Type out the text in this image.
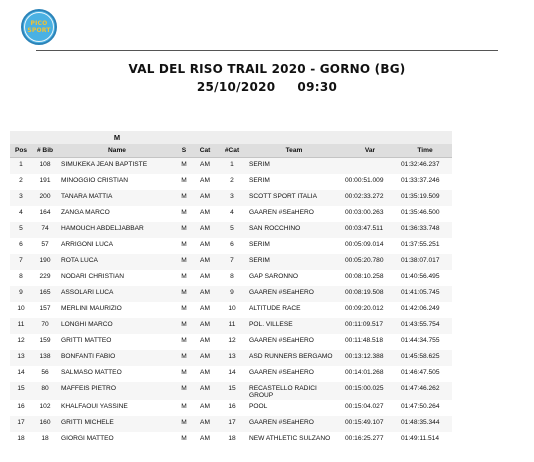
PICO
SPORT
VAL DEL RISO TRAIL 2020 - GORNO (BG)
25/10/2020 09:30
		M						
Pos	# Bib	Name	S	Cat	#Cat	Team	Var	Time
1	108	SIMUKEKA JEAN BAPTISTE	M	AM	1	SERIM		01:32:46.237
2	191	MINOGGIO CRISTIAN	M	AM	2	SERIM	00:00:51.009	01:33:37.246
3	200	TANARA MATTIA	M	AM	3	SCOTT SPORT ITALIA	00:02:33.272	01:35:19.509
4	164	ZANGA MARCO	M	AM	4	GAAREN #SEaHERO	00:03:00.263	01:35:46.500
5	74	HAMOUCH ABDELJABBAR	M	AM	5	SAN ROCCHINO	00:03:47.511	01:36:33.748
6	57	ARRIGONI LUCA	M	AM	6	SERIM	00:05:09.014	01:37:55.251
7	190	ROTA LUCA	M	AM	7	SERIM	00:05:20.780	01:38:07.017
8	229	NODARI CHRISTIAN	M	AM	8	GAP SARONNO	00:08:10.258	01:40:56.495
9	165	ASSOLARI LUCA	M	AM	9	GAAREN #SEaHERO	00:08:19.508	01:41:05.745
10	157	MERLINI MAURIZIO	M	AM	10	ALTITUDE RACE	00:09:20.012	01:42:06.249
11	70	LONGHI MARCO	M	AM	11	POL. VILLESE	00:11:09.517	01:43:55.754
12	159	GRITTI MATTEO	M	AM	12	GAAREN #SEaHERO	00:11:48.518	01:44:34.755
13	138	BONFANTI FABIO	M	AM	13	ASD RUNNERS BERGAMO	00:13:12.388	01:45:58.625
14	56	SALMASO MATTEO	M	AM	14	GAAREN #SEaHERO	00:14:01.268	01:46:47.505
15	80	MAFFEIS PIETRO	M	AM	15	RECASTELLO RADICI GROUP	00:15:00.025	01:47:46.262
16	102	KHALFAOUI YASSINE	M	AM	16	POOL	00:15:04.027	01:47:50.264
17	160	GRITTI MICHELE	M	AM	17	GAAREN #SEaHERO	00:15:49.107	01:48:35.344
18	18	GIORGI MATTEO	M	AM	18	NEW ATHLETIC SULZANO	00:16:25.277	01:49:11.514
